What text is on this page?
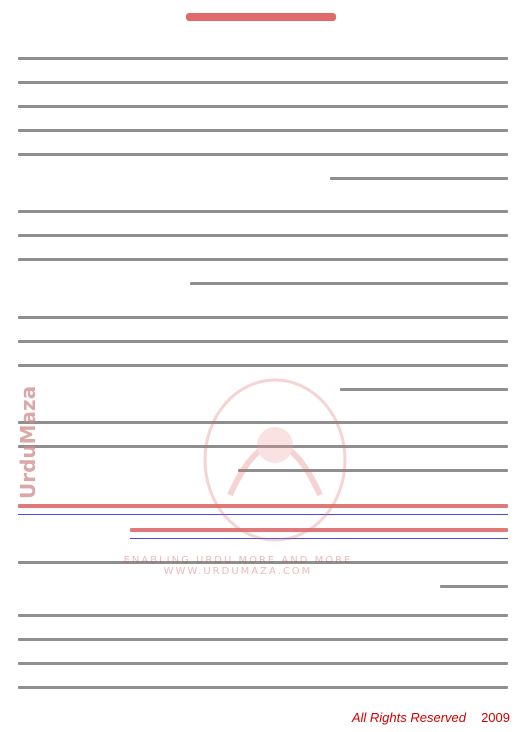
UrduMaza
ENABLING URDU MORE AND MORE
WWW.URDUMAZA.COM
All Rights Reserved 2009
